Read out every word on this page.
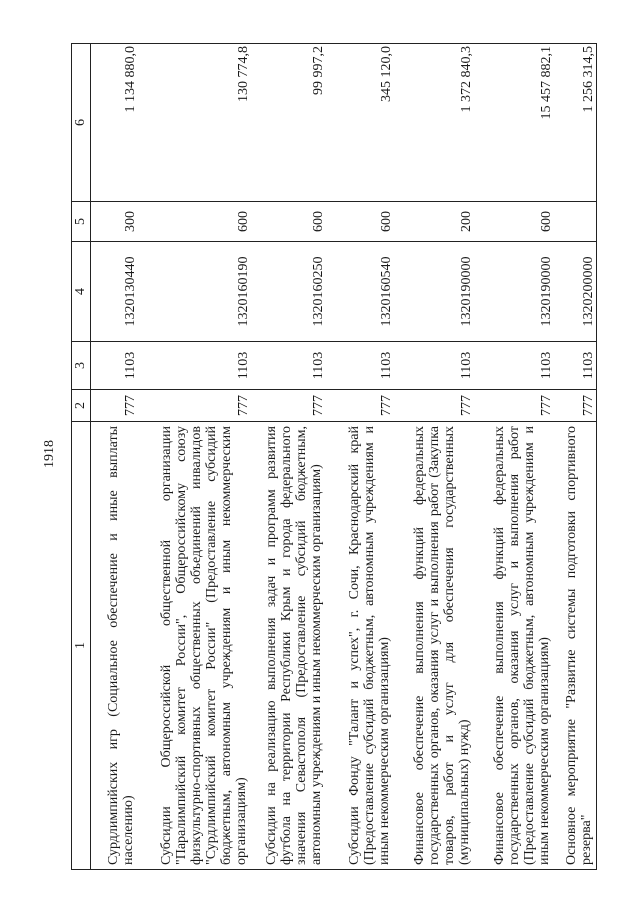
1918
1	2	3	4	5	6
Сурдлимпийских игр (Социальное обеспечение и иные выплаты населению)	777	1103	1320130440	300	1 134 880,0
Субсидии Общероссийской общественной организации "Паралимпийский комитет России", Общероссийскому союзу физкультурно-спортивных общественных объединений инвалидов "Сурдлимпийский комитет России" (Предоставление субсидий бюджетным, автономным учреждениям и иным некоммерческим организациям)	777	1103	1320160190	600	130 774,8
Субсидии на реализацию выполнения задач и программ развития футбола на территории Республики Крым и города федерального значения Севастополя (Предоставление субсидий бюджетным, автономным учреждениям и иным некоммерческим организациям)	777	1103	1320160250	600	99 997,2
Субсидии Фонду "Талант и успех", г. Сочи, Краснодарский край (Предоставление субсидий бюджетным, автономным учреждениям и иным некоммерческим организациям)	777	1103	1320160540	600	345 120,0
Финансовое обеспечение выполнения функций федеральных государственных органов, оказания услуг и выполнения работ (Закупка товаров, работ и услуг для обеспечения государственных (муниципальных) нужд)	777	1103	1320190000	200	1 372 840,3
Финансовое обеспечение выполнения функций федеральных государственных органов, оказания услуг и выполнения работ (Предоставление субсидий бюджетным, автономным учреждениям и иным некоммерческим организациям)	777	1103	1320190000	600	15 457 882,1
Основное мероприятие "Развитие системы подготовки спортивного резерва"	777	1103	1320200000		1 256 314,5
